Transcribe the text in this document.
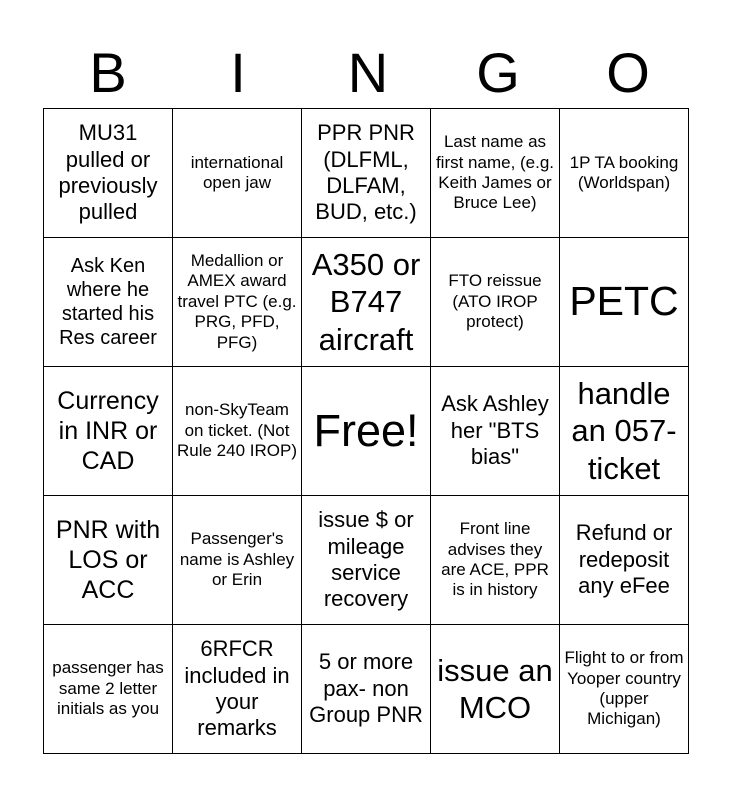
B	I	N	G	O
MU31 pulled or previously pulled	international open jaw	PPR PNR (DLFML, DLFAM, BUD, etc.)	Last name as first name, (e.g. Keith James or Bruce Lee)	1P TA booking (Worldspan)
Ask Ken where he started his Res career	Medallion or AMEX award travel PTC (e.g. PRG, PFD, PFG)	A350 or B747 aircraft	FTO reissue (ATO IROP protect)	PETC
Currency in INR or CAD	non-SkyTeam on ticket. (Not Rule 240 IROP)	Free!	Ask Ashley her "BTS bias"	handle an 057-ticket
PNR with LOS or ACC	Passenger's name is Ashley or Erin	issue $ or mileage service recovery	Front line advises they are ACE, PPR is in history	Refund or redeposit any eFee
passenger has same 2 letter initials as you	6RFCR included in your remarks	5 or more pax- non Group PNR	issue an MCO	Flight to or from Yooper country (upper Michigan)
